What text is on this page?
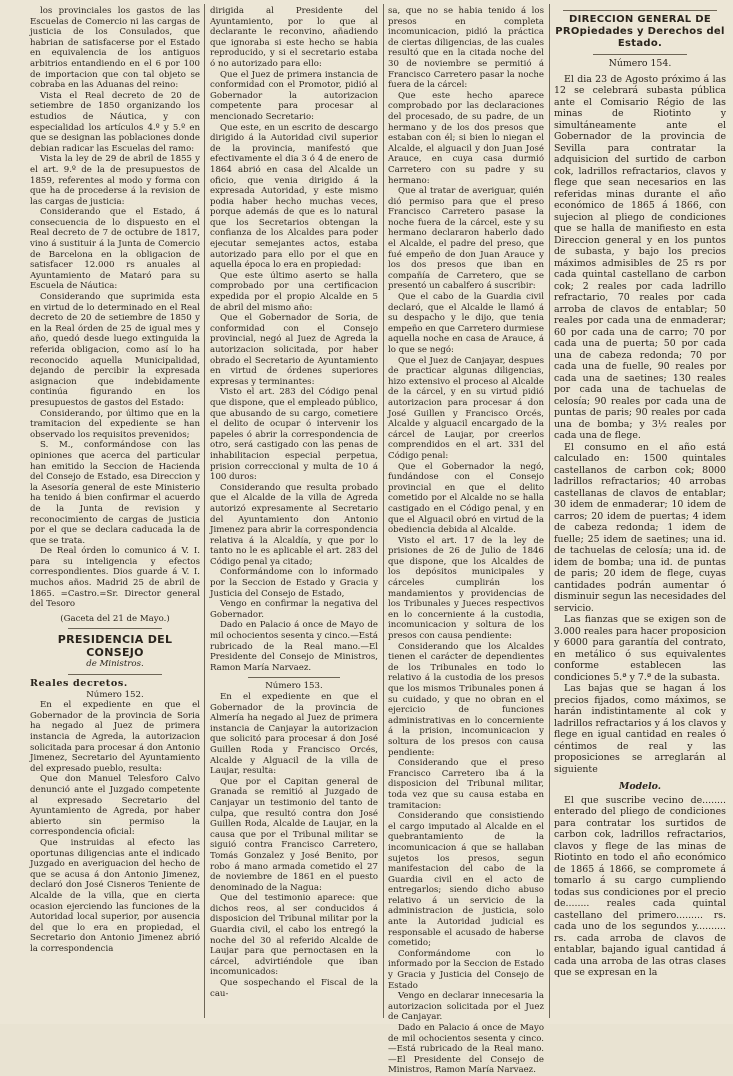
los provinciales los gastos de las Escuelas de Comercio ni las cargas de justicia de los Consulados, que habrian de satisfacerse por el Estado en equivalencia de los antiguos arbitrios entandiendo en el 6 por 100 de importacion que con tal objeto se cobraba en las Aduanas del reino:

Vista el Real decreto de 20 de setiembre de 1850 organizando los estudios de Náutica, y con especialidad los artículos 4.º y 5.º en que se designan las poblaciones donde debian radicar las Escuelas del ramo:

Vista la ley de 29 de abril de 1855 y el art. 9.º de la de presupuestos de 1859, referentes al modo y forma con que ha de procederse á la revision de las cargas de justicia:

Considerando que el Estado, á consecuencia de lo dispuesto en el Real decreto de 7 de octubre de 1817, vino á sustituir á la Junta de Comercio de Barcelona en la obligacion de satisfacer 12.000 rs anuales al Ayuntamiento de Mataró para su Escuela de Náutica:

Considerando que suprimida esta en virtud de lo determinado en el Real decreto de 20 de setiembre de 1850 y en la Real órden de 25 de igual mes y año, quedó desde luego extinguida la referida obligacion, como así lo ha reconocido aquella Municipalidad, dejando de percibir la expresada asignacion que indebidamente continúa figurando en los presupuestos de gastos del Estado:

Considerando, por último que en la tramitacion del expediente se han observado los requisitos prevenidos;

S. M., conformándose con las opiniones que acerca del particular han emitido la Seccion de Hacienda del Consejo de Estado, esa Direccion y la Asesoría general de este Ministerio ha tenido á bien confirmar el acuerdo de la Junta de revision y reconocimiento de cargas de justicia por el que se declara caducada la de que se trata.

De Real órden lo comunico á V. I. para su inteligencia y efectos correspondientes. Dios guarde á V. I. muchos años. Madrid 25 de abril de 1865. =Castro.=Sr. Director general del Tesoro

(Gaceta del 21 de Mayo.)

PRESIDENCIA DEL CONSEJO

de Ministros.

Reales decretos.

Número 152.

En el expediente en que el Gobernador de la provincia de Soria ha negado al Juez de primera instancia de Agreda, la autorizacion solicitada para procesar á don Antonio Jimenez, Secretario del Ayuntamiento del expresado pueblo, resulta:

Que don Manuel Telesforo Calvo denunció ante el Juzgado competente al expresado Secretario del Ayuntamiento de Agreda, por haber abierto sin permiso la correspondencia oficial:

Que instruidas al efecto las oportunas diligencias ante el indicado Juzgado en averiguacion del hecho de que se acusa á don Antonio Jimenez, declaró don José Cisneros Teniente de Alcalde de la villa, que en cierta ocasion ejerciendo las funciones de la Autoridad local superior, por ausencia del que lo era en propiedad, el Secretario don Antonio Jimenez abrió la correspondencia

dirigida al Presidente del Ayuntamiento, por lo que al declarante le reconvino, añadiendo que ignoraba si este hecho se habia reproducido, y si el secretario estaba ó no autorizado para ello:

Que el Juez de primera instancia de conformidad con el Promotor, pidió al Gobernador la autorizacion competente para procesar al mencionado Secretario:

Que este, en un escrito de descargo dirigido á la Autoridad civil superior de la provincia, manifestó que efectivamente el dia 3 ó 4 de enero de 1864 abrió en casa del Alcalde un oficio, que venia dirigido á la expresada Autoridad, y este mismo podia haber hecho muchas veces, porque además de que es lo natural que los Secretarios obtengan la confianza de los Alcaldes para poder ejecutar semejantes actos, estaba autorizado para ello por el que en aquella época lo era en propiedad:

Que este último aserto se halla comprobado por una certificacion expedida por el propio Alcalde en 5 de abril del mismo año:

Que el Gobernador de Soria, de conformidad con el Consejo provincial, negó al Juez de Agreda la autorizacion solicitada, por haber obrado el Secretario de Ayuntamiento en virtud de órdenes superiores expresas y terminantes:

Visto el art. 283 del Código penal que dispone, que el empleado público, que abusando de su cargo, cometiere el delito de ocupar ó intervenir los papeles ó abrir la correspondencia de otro, será castigado con las penas de inhabilitacion especial perpetua, prision correccional y multa de 10 á 100 duros:

Considerando que resulta probado que el Alcalde de la villa de Agreda autorizó expresamente al Secretario del Ayuntamiento don Antonio Jimenez para abrir la correspondencia relativa á la Alcaldía, y que por lo tanto no le es aplicable el art. 283 del Código penal ya citado;

Conformándome con lo informado por la Seccion de Estado y Gracia y Justicia del Consejo de Estado,

Vengo en confirmar la negativa del Gobernador.

Dado en Palacio á once de Mayo de mil ochocientos sesenta y cinco.—Está rubricado de la Real mano.—El Presidente del Consejo de Ministros, Ramon María Narvaez.

Número 153.

En el expediente en que el Gobernador de la provincia de Almería ha negado al Juez de primera instancia de Canjayar la autorizacion que solicitó para procesar á don José Guillen Roda y Francisco Orcés, Alcalde y Alguacil de la villa de Laujar, resulta:

Que por el Capitan general de Granada se remitió al Juzgado de Canjayar un testimonio del tanto de culpa, que resultó contra don José Guillen Roda, Alcalde de Laujar, en la causa que por el Tribunal militar se siguió contra Francisco Carretero, Tomás Gonzalez y José Benito, por robo á mano armada cometido el 27 de noviembre de 1861 en el puesto denominado de la Nagua:

Que del testimonio aparece: que dichos reos, al ser conducidos á disposicion del Tribunal militar por la Guardia civil, el cabo los entregó la noche del 30 al referido Alcalde de Laujar para que pernoctasen en la cárcel, advirtiéndole que iban incomunicados:

Que sospechando el Fiscal de la cau-

sa, que no se habia tenido á los presos en completa incomunicacion, pidió la práctica de ciertas diligencias, de las cuales resultó que en la citada noche del 30 de noviembre se permitió á Francisco Carretero pasar la noche fuera de la cárcel:

Que este hecho aparece comprobado por las declaraciones del procesado, de su padre, de un hermano y de los dos presos que estaban con él; si bien lo niegan el Alcalde, el alguacil y don Juan José Arauce, en cuya casa durmió Carretero con su padre y su hermano:

Que al tratar de averiguar, quién dió permiso para que el preso Francisco Carretero pasase la noche fuera de la cárcel, este y su hermano declararon haberlo dado el Alcalde, el padre del preso, que fué empeño de don Juan Arauce y los dos presos que iban en compañía de Carretero, que se presentó un cabalfero á suscribir:

Que el cabo de la Guardia civil declaró, que el Alcalde le llamó á su despacho y le dijo, que tenia empeño en que Carretero durmiese aquella noche en casa de Arauce, á lo que se negó:

Que el Juez de Canjayar, despues de practicar algunas diligencias, hizo extensivo el proceso al Alcalde de la cárcel, y en su virtud pidió autorizacion para procesar á don José Guillen y Francisco Orcés, Alcalde y alguacil encargado de la cárcel de Laujar, por creerlos comprendidos en el art. 331 del Código penal:

Que el Gobernador la negó, fundándose con el Consejo provincial en que el delito cometido por el Alcalde no se halla castigado en el Código penal, y en que el Alguacil obró en virtud de la obediencia debida al Alcalde.

Visto el art. 17 de la ley de prisiones de 26 de Julio de 1846 que dispone, que los Alcaldes de los depósitos municipales y cárceles cumplirán los mandamientos y providencias de los Tribunales y Jueces respectivos en lo concerniente á la custodia, incomunicacion y soltura de los presos con causa pendiente:

Considerando que los Alcaldes tienen el carácter de dependientes de los Tribunales en todo lo relativo á la custodia de los presos que los mismos Tribunales ponen á su cuidado, y que no obran en el ejercicio de funciones administrativas en lo concerniente á la prision, incomunicacion y soltura de los presos con causa pendiente:

Considerando que el preso Francisco Carretero iba á la disposicion del Tribunal militar, toda vez que su causa estaba en tramitacion:

Considerando que consistiendo el cargo imputado al Alcalde en el quebrantamiento de la incomunicacion á que se hallaban sujetos los presos, segun manifestacion del cabo de la Guardia civil en el acto de entregarlos; siendo dicho abuso relativo á un servicio de la administracion de justicia, solo ante la Autoridad judicial es responsable el acusado de haberse cometido;

Conformándome con lo informado por la Seccion de Estado y Gracia y Justicia del Consejo de Estado

Vengo en declarar innecesaria la autorizacion solicitada por el Juez de Canjayar.

Dado en Palacio á once de Mayo de mil ochocientos sesenta y cinco.—Está rubricado de la Real mano.—El Presidente del Consejo de Ministros, Ramon María Narvaez.

DIRECCION GENERAL DE PROpiedades y Derechos del Estado.

Número 154.

El dia 23 de Agosto próximo á las 12 se celebrará subasta pública ante el Comisario Régio de las minas de Riotinto y simultáneamente ante el Gobernador de la provincia de Sevilla para contratar la adquisicion del surtido de carbon cok, ladrillos refractarios, clavos y flege que sean necesarios en las referidas minas durante el año económico de 1865 á 1866, con sujecion al pliego de condiciones que se halla de manifiesto en esta Direccion general y en los puntos de subasta, y bajo los precios máximos admisibles de 25 rs por cada quintal castellano de carbon cok; 2 reales por cada ladrillo refractario, 70 reales por cada arroba de clavos de entablar; 50 reales por cada una de enmaderar; 60 por cada una de carro; 70 por cada una de puerta; 50 por cada una de cabeza redonda; 70 por cada una de fuelle, 90 reales por cada una de saetines; 130 reales por cada una de tachuelas de celosía; 90 reales por cada una de puntas de paris; 90 reales por cada una de bomba; y 3½ reales por cada una de flege.

El consumo en el año está calculado en: 1500 quintales castellanos de carbon cok; 8000 ladrillos refractarios; 40 arrobas castellanas de clavos de entablar; 30 idem de enmaderar; 10 idem de carros; 20 idem de puertas; 4 idem de cabeza redonda; 1 idem de fuelle; 25 idem de saetines; una id. de tachuelas de celosía; una id. de idem de bomba; una id. de puntas de paris; 20 idem de flege, cuyas cantidades podrán aumentar ó disminuir segun las necesidades del servicio.

Las fianzas que se exigen son de 3.000 reales para hacer proposicion y 6000 para garantía del contrato, en metálico ó sus equivalentes conforme establecen las condiciones 5.ª y 7.ª de la subasta.

Las bajas que se hagan á los precios fijados, como máximos, se harán indistintamente al cok y ladrillos refractarios y á los clavos y flege en igual cantidad en reales ó céntimos de real y las proposiciones se arreglarán al siguiente

Modelo.

El que suscribe vecino de........ enterado del pliego de condiciones para contratar los surtidos de carbon cok, ladrillos refractarios, clavos y flege de las minas de Riotinto en todo el año económico de 1865 á 1866, se compromete á tomarlo á su cargo cumpliendo todas sus condiciones por el precio de........ reales cada quintal castellano del primero......... rs. cada uno de los segundos y.......... rs. cada arroba de clavos de entablar, bajando igual cantidad á cada una arroba de las otras clases que se expresan en la
